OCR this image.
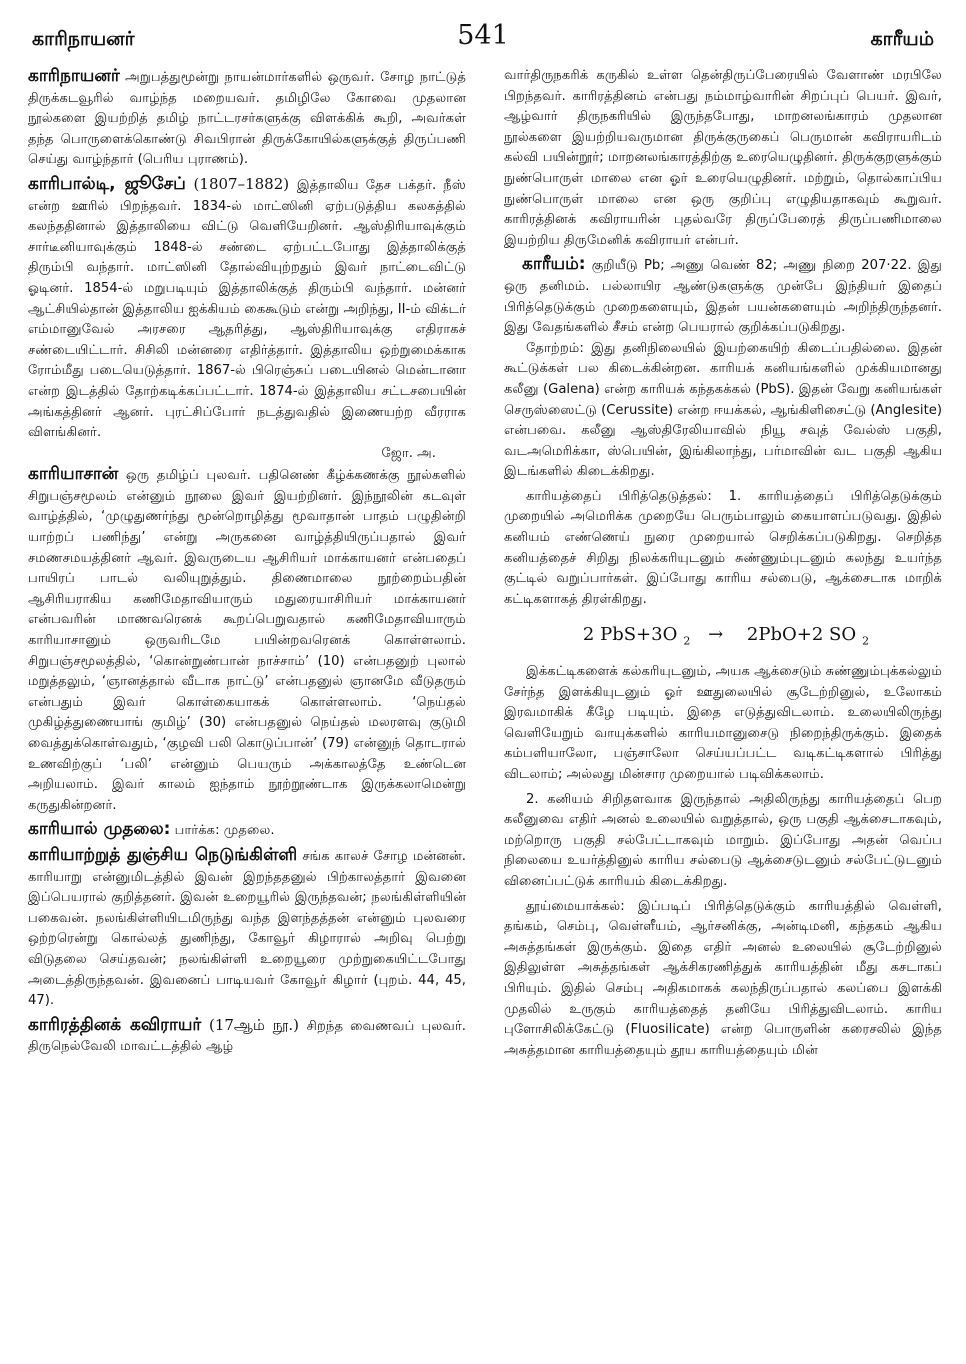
காரிநாயனர்	541	காரீயம்

காரிநாயனர் அறுபத்துமூன்று நாயன்மார்களில் ஒருவர். சோழ நாட்டுத் திருக்கடவூரில் வாழ்ந்த மறையவர். தமிழிலே கோவை முதலான நூல்களை இயற்றித் தமிழ் நாட்டரசர்களுக்கு விளக்கிக் கூறி, அவர்கள் தந்த பொருளைக்கொண்டு சிவபிரான் திருக்கோயில்களுக்குத் திருப்பணி செய்து வாழ்ந்தார் (பெரிய புராணம்).

காரிபால்டி, ஜூசேப் (1807–1882) இத்தாலிய தேச பக்தர். நீஸ் என்ற ஊரில் பிறந்தவர். 1834-ல் மாட்ஸினி ஏற்படுத்திய கலகத்தில் கலந்ததினால் இத்தாலியை விட்டு வெளியேறினர். ஆஸ்திரியாவுக்கும் சார்டீனியாவுக்கும் 1848-ல் சண்டை ஏற்பட்டபோது இத்தாலிக்குத் திரும்பி வந்தார். மாட்ஸினி தோல்வியுற்றதும் இவர் நாட்டைவிட்டு ஓடினர். 1854-ல் மறுபடியும் இத்தாலிக்குத் திரும்பி வந்தார். மன்னர் ஆட்சியில்தான் இத்தாலிய ஐக்கியம் கைகூடும் என்று அறிந்து, II-ம் விக்டர் எம்மானுவேல் அரசரை ஆதரித்து, ஆஸ்திரியாவுக்கு எதிராகச் சண்டையிட்டார். சிசிலி மன்னரை எதிர்த்தார். இத்தாலிய ஒற்றுமைக்காக ரோம்மீது படையெடுத்தார். 1867-ல் பிரெஞ்சுப் படையினல் மென்டானா என்ற இடத்தில் தோற்கடிக்கப்பட்டார். 1874-ல் இத்தாலிய சட்டசபையின் அங்கத்தினர் ஆனர். புரட்சிப்போர் நடத்துவதில் இணையற்ற வீரராக விளங்கினர்.

ஜோ. அ.

காரியாசான் ஒரு தமிழ்ப் புலவர். பதினெண் கீழ்க்கணக்கு நூல்களில் சிறுபஞ்சமூலம் என்னும் நூலை இவர் இயற்றினர். இந்நூலின் கடவுள் வாழ்த்தில், ‘முழுதுணர்ந்து மூன்றொழித்து மூவாதான் பாதம் பழுதின்றி யாற்றப் பணிந்து’ என்று அருகனை வாழ்த்தியிருப்பதால் இவர் சமணசமயத்தினர் ஆவர். இவருடைய ஆசிரியர் மாக்காயனர் என்பதைப் பாயிரப் பாடல் வலியுறுத்தும். திணைமாலை நூற்றைம்பதின் ஆசிரியராகிய கணிமேதாவியாரும் மதுரையாசிரியர் மாக்காயனர் என்பவரின் மாணவரெனக் கூறப்பெறுவதால் கணிமேதாவியாரும் காரியாசானும் ஒருவரிடமே பயின்றவரெனக் கொள்ளலாம். சிறுபஞ்சமூலத்தில், ‘கொன்றுண்பான் நாச்சாம்’ (10) என்பதனுற் புலால் மறுத்தலும், ‘ஞானத்தால் வீடாக நாட்டு’ என்பதனுல் ஞானமே வீடுதரும் என்பதும் இவர் கொள்கையாகக் கொள்ளலாம். ‘நெய்தல் முகிழ்த்துணையாங் குமிழ்’ (30) என்பதனுல் நெய்தல் மலரளவு குடுமி வைத்துக்கொள்வதும், ‘குழவி பலி கொடுப்பான்’ (79) என்னுந் தொடரால் உணவிற்குப் ‘பலி’ என்னும் பெயரும் அக்காலத்தே உண்டென அறியலாம். இவர் காலம் ஐந்தாம் நூற்றூண்டாக இருக்கலாமென்று கருதுகின்றனர்.

காரியால் முதலை: பார்க்க: முதலை.

காரியாற்றுத் துஞ்சிய நெடுங்கிள்ளி சங்க காலச் சோழ மன்னன். காரியாறு என்னுமிடத்தில் இவன் இறந்ததனுல் பிற்காலத்தார் இவனை இப்பெயரால் குறித்தனர். இவன் உறையூரில் இருந்தவன்; நலங்கிள்ளியின் பகைவன். நலங்கிள்ளியிடமிருந்து வந்த இளந்தத்தன் என்னும் புலவரை ஒற்றரென்று கொல்லத் துணிந்து, கோவூர் கிழாரால் அறிவு பெற்று விடுதலை செய்தவன்; நலங்கிள்ளி உறையூரை முற்றுகையிட்டபோது அடைத்திருந்தவன். இவனைப் பாடியவர் கோவூர் கிழார் (புறம். 44, 45, 47).

காரிரத்தினக் கவிராயர் (17ஆம் நூ.) சிறந்த வைணவப் புலவர். திருநெல்வேலி மாவட்டத்தில் ஆழ்

வார்திருநகரிக் கருகில் உள்ள தென்திருப்பேரையில் வேளாண் மரபிலே பிறந்தவர். காரிரத்தினம் என்பது நம்மாழ்வாரின் சிறப்புப் பெயர். இவர், ஆழ்வார் திருநகரியில் இருந்தபோது, மாறனலங்காரம் முதலான நூல்களை இயற்றியவருமான திருக்குருகைப் பெருமான் கவிராயரிடம் கல்வி பயின்றூர்; மாறனலங்காரத்திற்கு உரையெழுதினர். திருக்குறளுக்கும் நுண்பொருள் மாலை என ஓர் உரையெழுதினர். மற்றும், தொல்காப்பிய நுண்பொருள் மாலை என ஒரு குறிப்பு எழுதியதாகவும் கூறுவர். காரிரத்தினக் கவிராயரின் புதல்வரே திருப்பேரைத் திருப்பணிமாலை இயற்றிய திருமேனிக் கவிராயர் என்பர்.

காரீயம்: குறியீடு Pb; அணு வெண் 82; அணு நிறை 207·22. இது ஒரு தனிமம். பல்லாயிர ஆண்டுகளுக்கு முன்பே இந்தியர் இதைப் பிரித்தெடுக்கும் முறைகளையும், இதன் பயன்களையும் அறிந்திருந்தனர். இது வேதங்களில் சீசம் என்ற பெயரால் குறிக்கப்படுகிறது.

தோற்றம்: இது தனிநிலையில் இயற்கையிற் கிடைப்பதில்லை. இதன் கூட்டுக்கள் பல கிடைக்கின்றன. காரியக் கனியங்களில் முக்கியமானது கலீனு (Galena) என்ற காரியக் கந்தகக்கல் (PbS). இதன் வேறு கனியங்கள் செருஸ்ஸைட்டு (Cerussite) என்ற ஈயக்கல், ஆங்கிளிசைட்டு (Anglesite) என்பவை. கலீனு ஆஸ்திரேலியாவில் நியூ சவுத் வேல்ஸ் பகுதி, வடஅமெரிக்கா, ஸ்பெயின், இங்கிலாந்து, பர்மாவின் வட பகுதி ஆகிய இடங்களில் கிடைக்கிறது.

காரியத்தைப் பிரித்தெடுத்தல்: 1. காரியத்தைப் பிரித்தெடுக்கும் முறையில் அமெரிக்க முறையே பெரும்பாலும் கையாளப்படுவது. இதில் கனியம் எண்ணெய் நுரை முறையால் செறிக்கப்படுகிறது. செறித்த கனியத்தைச் சிறிது நிலக்கரியுடனும் சுண்ணும்புடனும் கலந்து உயர்ந்த குட்டில் வறுப்பார்கள். இப்போது காரிய சல்பைடு, ஆக்சைடாக மாறிக் கட்டிகளாகத் திரள்கிறது.

2 PbS+3O $_2$ → 2PbO+2 SO $_2$

இக்கட்டிகளைக் கல்கரியுடனும், அயக ஆக்சைடும் சுண்ணும்புக்கல்லும் சேர்ந்த இளக்கியுடனும் ஓர் ஊதுலையில் சூடேற்றினுல், உலோகம் இரவமாகிக் கீழே படியும். இதை எடுத்துவிடலாம். உலையிலிருந்து வெளியேறும் வாயுக்களில் காரியமானுசைடு நிறைந்திருக்கும். இதைக் கம்பளியாலோ, பஞ்சாலோ செய்யப்பட்ட வடிகட்டிகளால் பிரித்து விடலாம்; அல்லது மின்சார முறையால் படிவிக்கலாம்.

2. கனியம் சிறிதளவாக இருந்தால் அதிலிருந்து காரியத்தைப் பெற கலீனுவை எதிர் அனல் உலையில் வறுத்தால், ஒரு பகுதி ஆக்சைடாகவும், மற்றொரு பகுதி சல்பேட்டாகவும் மாறும். இப்போது அதன் வெப்ப நிலையை உயர்த்தினுல் காரிய சல்பைடு ஆக்சைடுடனும் சல்பேட்டுடனும் வினைப்பட்டுக் காரியம் கிடைக்கிறது.

தூய்மையாக்கல்: இப்படிப் பிரித்தெடுக்கும் காரியத்தில் வெள்ளி, தங்கம், செம்பு, வெள்ளீயம், ஆர்சனிக்கு, அன்டிமனி, கந்தகம் ஆகிய அசுத்தங்கள் இருக்கும். இதை எதிர் அனல் உலையில் சூடேற்றினுல் இதிலுள்ள அசுத்தங்கள் ஆக்சிகரணித்துக் காரியத்தின் மீது கசடாகப் பிரியும். இதில் செம்பு அதிகமாகக் கலந்திருப்பதால் கலப்பை இளக்கி முதலில் உருகும் காரியத்தைத் தனியே பிரித்துவிடலாம். காரிய புளோசிலிக்கேட்டு (Fluosilicate) என்ற பொருளின் கரைசலில் இந்த அசுத்தமான காரியத்தையும் தூய காரியத்தையும் மின்
